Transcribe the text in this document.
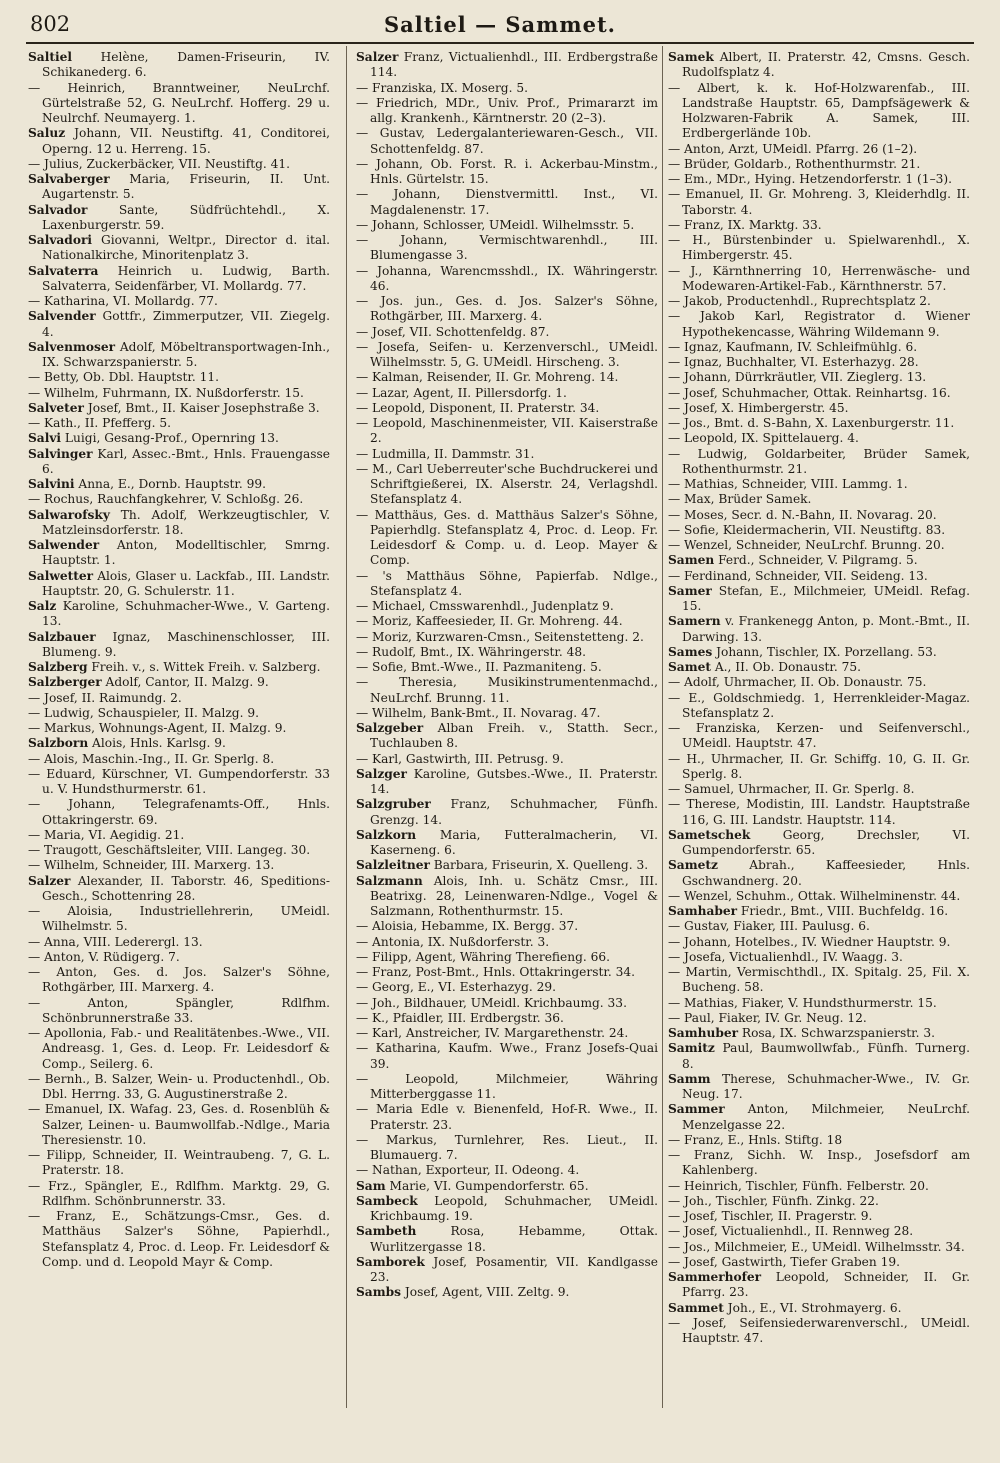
802	Saltiel — Sammet.
Saltiel Helène, Damen-Friseurin, IV. Schikanederg. 6.
— Heinrich, Branntweiner, NeuLrchf. Gürtelstraße 52, G. NeuLrchf. Hofferg. 29 u. Neulrchf. Neumayerg. 1.
Saluz Johann, VII. Neustiftg. 41, Conditorei, Operng. 12 u. Herreng. 15.
— Julius, Zuckerbäcker, VII. Neustiftg. 41.
Salvaberger Maria, Friseurin, II. Unt. Augartenstr. 5.
Salvador Sante, Südfrüchtehdl., X. Laxenburgerstr. 59.
Salvadori Giovanni, Weltpr., Director d. ital. Nationalkirche, Minoritenplatz 3.
Salvaterra Heinrich u. Ludwig, Barth. Salvaterra, Seidenfärber, VI. Mollardg. 77.
— Katharina, VI. Mollardg. 77.
Salvender Gottfr., Zimmerputzer, VII. Ziegelg. 4.
Salvenmoser Adolf, Möbeltransportwagen-Inh., IX. Schwarzspanierstr. 5.
— Betty, Ob. Dbl. Hauptstr. 11.
— Wilhelm, Fuhrmann, IX. Nußdorferstr. 15.
Salveter Josef, Bmt., II. Kaiser Josephstraße 3.
— Kath., II. Pfefferg. 5.
Salvi Luigi, Gesang-Prof., Opernring 13.
Salvinger Karl, Assec.-Bmt., Hnls. Frauengasse 6.
Salvini Anna, E., Dornb. Hauptstr. 99.
— Rochus, Rauchfangkehrer, V. Schloßg. 26.
Salwarofsky Th. Adolf, Werkzeugtischler, V. Matzleinsdorferstr. 18.
Salwender Anton, Modelltischler, Smrng. Hauptstr. 1.
Salwetter Alois, Glaser u. Lackfab., III. Landstr. Hauptstr. 20, G. Schulerstr. 11.
Salz Karoline, Schuhmacher-Wwe., V. Garteng. 13.
Salzbauer Ignaz, Maschinenschlosser, III. Blumeng. 9.
Salzberg Freih. v., s. Wittek Freih. v. Salzberg.
Salzberger Adolf, Cantor, II. Malzg. 9.
— Josef, II. Raimundg. 2.
— Ludwig, Schauspieler, II. Malzg. 9.
— Markus, Wohnungs-Agent, II. Malzg. 9.
Salzborn Alois, Hnls. Karlsg. 9.
— Alois, Maschin.-Ing., II. Gr. Sperlg. 8.
— Eduard, Kürschner, VI. Gumpendorferstr. 33 u. V. Hundsthurmerstr. 61.
— Johann, Telegrafenamts-Off., Hnls. Ottakringerstr. 69.
— Maria, VI. Aegidig. 21.
— Traugott, Geschäftsleiter, VIII. Langeg. 30.
— Wilhelm, Schneider, III. Marxerg. 13.
Salzer Alexander, II. Taborstr. 46, Speditions-Gesch., Schottenring 28.
— Aloisia, Industriellehrerin, UMeidl. Wilhelmstr. 5.
— Anna, VIII. Lederergl. 13.
— Anton, V. Rüdigerg. 7.
— Anton, Ges. d. Jos. Salzer's Söhne, Rothgärber, III. Marxerg. 4.
— Anton, Spängler, Rdlfhm. Schönbrunnerstraße 33.
— Apollonia, Fab.- und Realitätenbes.-Wwe., VII. Andreasg. 1, Ges. d. Leop. Fr. Leidesdorf & Comp., Seilerg. 6.
— Bernh., B. Salzer, Wein- u. Productenhdl., Ob. Dbl. Herrng. 33, G. Augustinerstraße 2.
— Emanuel, IX. Wafag. 23, Ges. d. Rosenblüh & Salzer, Leinen- u. Baumwollfab.-Ndlge., Maria Theresienstr. 10.
— Filipp, Schneider, II. Weintraubeng. 7, G. L. Praterstr. 18.
— Frz., Spängler, E., Rdlfhm. Marktg. 29, G. Rdlfhm. Schönbrunnerstr. 33.
— Franz, E., Schätzungs-Cmsr., Ges. d. Matthäus Salzer's Söhne, Papierhdl., Stefansplatz 4, Proc. d. Leop. Fr. Leidesdorf & Comp. und d. Leopold Mayr & Comp.
Salzer Franz, Victualienhdl., III. Erdbergstraße 114.
— Franziska, IX. Moserg. 5.
— Friedrich, MDr., Univ. Prof., Primararzt im allg. Krankenh., Kärntnerstr. 20 (2–3).
— Gustav, Ledergalanteriewaren-Gesch., VII. Schottenfeldg. 87.
— Johann, Ob. Forst. R. i. Ackerbau-Minstm., Hnls. Gürtelstr. 15.
— Johann, Dienstvermittl. Inst., VI. Magdalenenstr. 17.
— Johann, Schlosser, UMeidl. Wilhelmsstr. 5.
— Johann, Vermischtwarenhdl., III. Blumengasse 3.
— Johanna, Warencmsshdl., IX. Währingerstr. 46.
— Jos. jun., Ges. d. Jos. Salzer's Söhne, Rothgärber, III. Marxerg. 4.
— Josef, VII. Schottenfeldg. 87.
— Josefa, Seifen- u. Kerzenverschl., UMeidl. Wilhelmsstr. 5, G. UMeidl. Hirscheng. 3.
— Kalman, Reisender, II. Gr. Mohreng. 14.
— Lazar, Agent, II. Pillersdorfg. 1.
— Leopold, Disponent, II. Praterstr. 34.
— Leopold, Maschinenmeister, VII. Kaiserstraße 2.
— Ludmilla, II. Dammstr. 31.
— M., Carl Ueberreuter'sche Buchdruckerei und Schriftgießerei, IX. Alserstr. 24, Verlagshdl. Stefansplatz 4.
— Matthäus, Ges. d. Matthäus Salzer's Söhne, Papierhdlg. Stefansplatz 4, Proc. d. Leop. Fr. Leidesdorf & Comp. u. d. Leop. Mayer & Comp.
— 's Matthäus Söhne, Papierfab. Ndlge., Stefansplatz 4.
— Michael, Cmsswarenhdl., Judenplatz 9.
— Moriz, Kaffeesieder, II. Gr. Mohreng. 44.
— Moriz, Kurzwaren-Cmsn., Seitenstetteng. 2.
— Rudolf, Bmt., IX. Währingerstr. 48.
— Sofie, Bmt.-Wwe., II. Pazmaniteng. 5.
— Theresia, Musikinstrumentenmachd., NeuLrchf. Brunng. 11.
— Wilhelm, Bank-Bmt., II. Novarag. 47.
Salzgeber Alban Freih. v., Statth. Secr., Tuchlauben 8.
— Karl, Gastwirth, III. Petrusg. 9.
Salzger Karoline, Gutsbes.-Wwe., II. Praterstr. 14.
Salzgruber Franz, Schuhmacher, Fünfh. Grenzg. 14.
Salzkorn Maria, Futteralmacherin, VI. Kaserneng. 6.
Salzleitner Barbara, Friseurin, X. Quelleng. 3.
Salzmann Alois, Inh. u. Schätz Cmsr., III. Beatrixg. 28, Leinenwaren-Ndlge., Vogel & Salzmann, Rothenthurmstr. 15.
— Aloisia, Hebamme, IX. Bergg. 37.
— Antonia, IX. Nußdorferstr. 3.
— Filipp, Agent, Währing Therefieng. 66.
— Franz, Post-Bmt., Hnls. Ottakringerstr. 34.
— Georg, E., VI. Esterhazyg. 29.
— Joh., Bildhauer, UMeidl. Krichbaumg. 33.
— K., Pfaidler, III. Erdbergstr. 36.
— Karl, Anstreicher, IV. Margarethenstr. 24.
— Katharina, Kaufm. Wwe., Franz Josefs-Quai 39.
— Leopold, Milchmeier, Währing Mitterberggasse 11.
— Maria Edle v. Bienenfeld, Hof-R. Wwe., II. Praterstr. 23.
— Markus, Turnlehrer, Res. Lieut., II. Blumauerg. 7.
— Nathan, Exporteur, II. Odeong. 4.
Sam Marie, VI. Gumpendorferstr. 65.
Sambeck Leopold, Schuhmacher, UMeidl. Krichbaumg. 19.
Sambeth Rosa, Hebamme, Ottak. Wurlitzergasse 18.
Samborek Josef, Posamentir, VII. Kandlgasse 23.
Sambs Josef, Agent, VIII. Zeltg. 9.
Samek Albert, II. Praterstr. 42, Cmsns. Gesch. Rudolfsplatz 4.
— Albert, k. k. Hof-Holzwarenfab., III. Landstraße Hauptstr. 65, Dampfsägewerk & Holzwaren-Fabrik A. Samek, III. Erdbergerlände 10b.
— Anton, Arzt, UMeidl. Pfarrg. 26 (1–2).
— Brüder, Goldarb., Rothenthurmstr. 21.
— Em., MDr., Hying. Hetzendorferstr. 1 (1–3).
— Emanuel, II. Gr. Mohreng. 3, Kleiderhdlg. II. Taborstr. 4.
— Franz, IX. Marktg. 33.
— H., Bürstenbinder u. Spielwarenhdl., X. Himbergerstr. 45.
— J., Kärnthnerring 10, Herrenwäsche- und Modewaren-Artikel-Fab., Kärnthnerstr. 57.
— Jakob, Productenhdl., Ruprechtsplatz 2.
— Jakob Karl, Registrator d. Wiener Hypothekencasse, Währing Wildemann 9.
— Ignaz, Kaufmann, IV. Schleifmühlg. 6.
— Ignaz, Buchhalter, VI. Esterhazyg. 28.
— Johann, Dürrkräutler, VII. Zieglerg. 13.
— Josef, Schuhmacher, Ottak. Reinhartsg. 16.
— Josef, X. Himbergerstr. 45.
— Jos., Bmt. d. S-Bahn, X. Laxenburgerstr. 11.
— Leopold, IX. Spittelauerg. 4.
— Ludwig, Goldarbeiter, Brüder Samek, Rothenthurmstr. 21.
— Mathias, Schneider, VIII. Lammg. 1.
— Max, Brüder Samek.
— Moses, Secr. d. N.-Bahn, II. Novarag. 20.
— Sofie, Kleidermacherin, VII. Neustiftg. 83.
— Wenzel, Schneider, NeuLrchf. Brunng. 20.
Samen Ferd., Schneider, V. Pilgramg. 5.
— Ferdinand, Schneider, VII. Seideng. 13.
Samer Stefan, E., Milchmeier, UMeidl. Refag. 15.
Samern v. Frankenegg Anton, p. Mont.-Bmt., II. Darwing. 13.
Sames Johann, Tischler, IX. Porzellang. 53.
Samet A., II. Ob. Donaustr. 75.
— Adolf, Uhrmacher, II. Ob. Donaustr. 75.
— E., Goldschmiedg. 1, Herrenkleider-Magaz. Stefansplatz 2.
— Franziska, Kerzen- und Seifenverschl., UMeidl. Hauptstr. 47.
— H., Uhrmacher, II. Gr. Schiffg. 10, G. II. Gr. Sperlg. 8.
— Samuel, Uhrmacher, II. Gr. Sperlg. 8.
— Therese, Modistin, III. Landstr. Hauptstraße 116, G. III. Landstr. Hauptstr. 114.
Sametschek Georg, Drechsler, VI. Gumpendorferstr. 65.
Sametz Abrah., Kaffeesieder, Hnls. Gschwandnerg. 20.
— Wenzel, Schuhm., Ottak. Wilhelminenstr. 44.
Samhaber Friedr., Bmt., VIII. Buchfeldg. 16.
— Gustav, Fiaker, III. Paulusg. 6.
— Johann, Hotelbes., IV. Wiedner Hauptstr. 9.
— Josefa, Victualienhdl., IV. Waagg. 3.
— Martin, Vermischthdl., IX. Spitalg. 25, Fil. X. Bucheng. 58.
— Mathias, Fiaker, V. Hundsthurmerstr. 15.
— Paul, Fiaker, IV. Gr. Neug. 12.
Samhuber Rosa, IX. Schwarzspanierstr. 3.
Samitz Paul, Baumwollwfab., Fünfh. Turnerg. 8.
Samm Therese, Schuhmacher-Wwe., IV. Gr. Neug. 17.
Sammer Anton, Milchmeier, NeuLrchf. Menzelgasse 22.
— Franz, E., Hnls. Stiftg. 18
— Franz, Sichh. W. Insp., Josefsdorf am Kahlenberg.
— Heinrich, Tischler, Fünfh. Felberstr. 20.
— Joh., Tischler, Fünfh. Zinkg. 22.
— Josef, Tischler, II. Pragerstr. 9.
— Josef, Victualienhdl., II. Rennweg 28.
— Jos., Milchmeier, E., UMeidl. Wilhelmsstr. 34.
— Josef, Gastwirth, Tiefer Graben 19.
Sammerhofer Leopold, Schneider, II. Gr. Pfarrg. 23.
Sammet Joh., E., VI. Strohmayerg. 6.
— Josef, Seifensiederwarenverschl., UMeidl. Hauptstr. 47.
